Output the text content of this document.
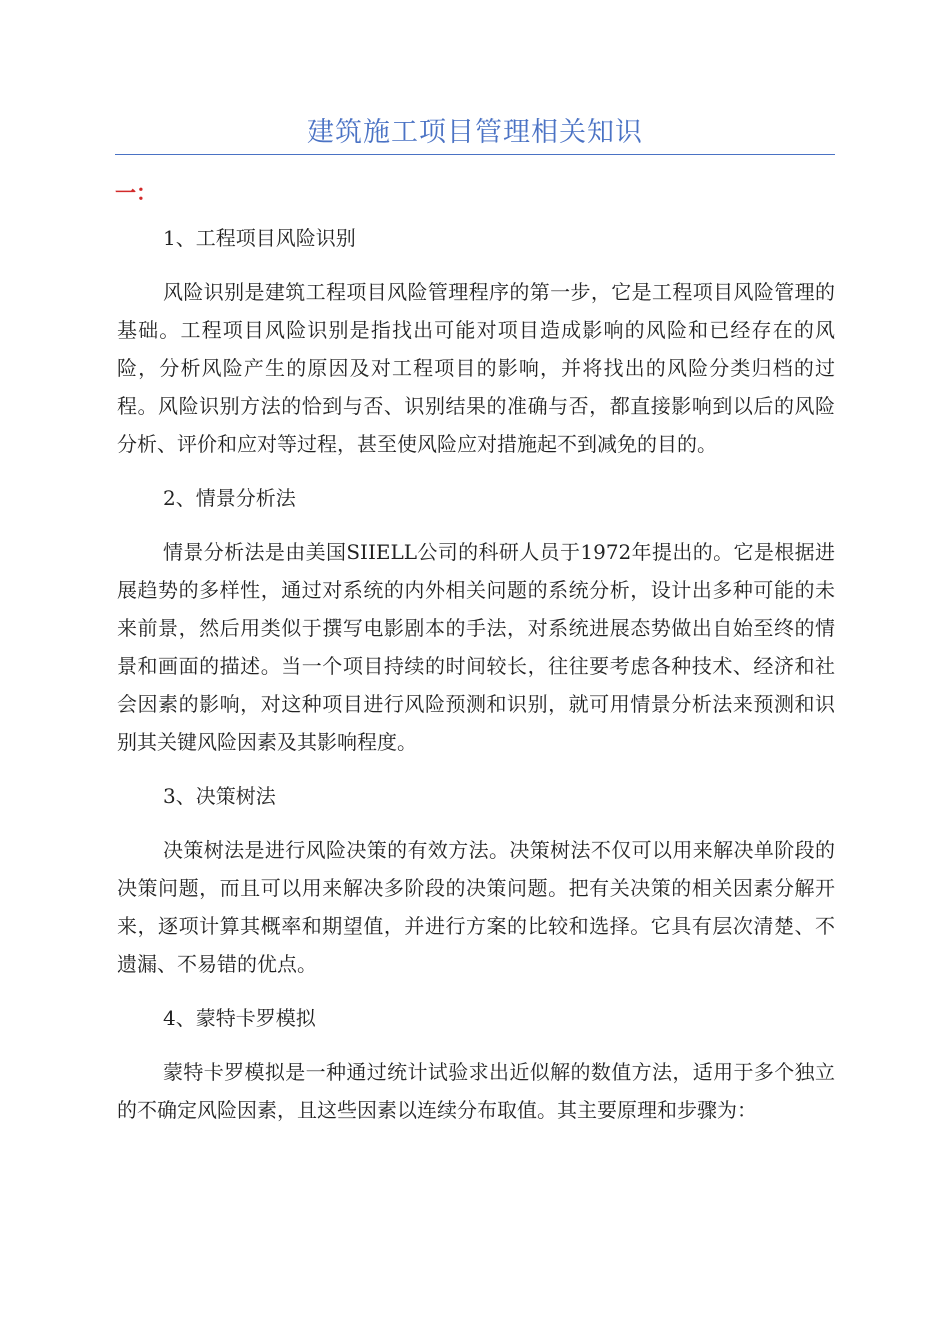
建筑施工项目管理相关知识
一：
1、工程项目风险识别
风险识别是建筑工程项目风险管理程序的第一步，它是工程项目风险管理的基础。工程项目风险识别是指找出可能对项目造成影响的风险和已经存在的风险，分析风险产生的原因及对工程项目的影响，并将找出的风险分类归档的过程。风险识别方法的恰到与否、识别结果的准确与否，都直接影响到以后的风险分析、评价和应对等过程，甚至使风险应对措施起不到减免的目的。
2、情景分析法
情景分析法是由美国SIIELL公司的科研人员于1972年提出的。它是根据进展趋势的多样性，通过对系统的内外相关问题的系统分析，设计出多种可能的未来前景，然后用类似于撰写电影剧本的手法，对系统进展态势做出自始至终的情景和画面的描述。当一个项目持续的时间较长，往往要考虑各种技术、经济和社会因素的影响，对这种项目进行风险预测和识别，就可用情景分析法来预测和识别其关键风险因素及其影响程度。
3、决策树法
决策树法是进行风险决策的有效方法。决策树法不仅可以用来解决单阶段的决策问题，而且可以用来解决多阶段的决策问题。把有关决策的相关因素分解开来，逐项计算其概率和期望值，并进行方案的比较和选择。它具有层次清楚、不遗漏、不易错的优点。
4、蒙特卡罗模拟
蒙特卡罗模拟是一种通过统计试验求出近似解的数值方法，适用于多个独立的不确定风险因素，且这些因素以连续分布取值。其主要原理和步骤为：
